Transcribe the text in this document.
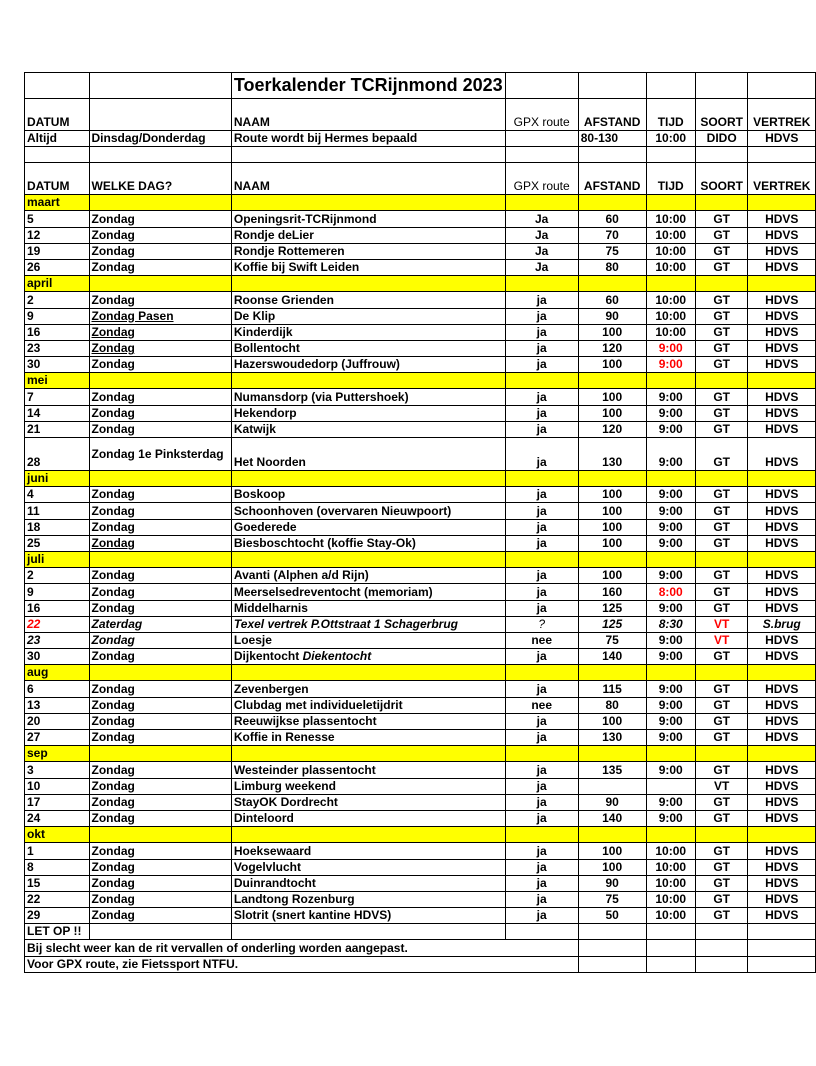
		Toerkalender TCRijnmond 2023					
DATUM		NAAM	GPX route	AFSTAND	TIJD	SOORT	VERTREK
Altijd	Dinsdag/Donderdag	Route wordt bij Hermes bepaald		80-130	10:00	DIDO	HDVS

DATUM	WELKE DAG?	NAAM	GPX route	AFSTAND	TIJD	SOORT	VERTREK
maart							
5	Zondag	Openingsrit-TCRijnmond	Ja	60	10:00	GT	HDVS
12	Zondag	Rondje deLier	Ja	70	10:00	GT	HDVS
19	Zondag	Rondje Rottemeren	Ja	75	10:00	GT	HDVS
26	Zondag	Koffie bij Swift Leiden	Ja	80	10:00	GT	HDVS
april							
2	Zondag	Roonse Grienden	ja	60	10:00	GT	HDVS
9	Zondag Pasen	De Klip	ja	90	10:00	GT	HDVS
16	Zondag	Kinderdijk	ja	100	10:00	GT	HDVS
23	Zondag	Bollentocht	ja	120	9:00	GT	HDVS
30	Zondag	Hazerswoudedorp (Juffrouw)	ja	100	9:00	GT	HDVS
mei							
7	Zondag	Numansdorp (via Puttershoek)	ja	100	9:00	GT	HDVS
14	Zondag	Hekendorp	ja	100	9:00	GT	HDVS
21	Zondag	Katwijk	ja	120	9:00	GT	HDVS
28	Zondag 1e Pinksterdag	Het Noorden	ja	130	9:00	GT	HDVS
juni							
4	Zondag	Boskoop	ja	100	9:00	GT	HDVS
11	Zondag	Schoonhoven (overvaren Nieuwpoort)	ja	100	9:00	GT	HDVS
18	Zondag	Goederede	ja	100	9:00	GT	HDVS
25	Zondag	Biesboschtocht (koffie Stay-Ok)	ja	100	9:00	GT	HDVS
juli							
2	Zondag	Avanti (Alphen a/d Rijn)	ja	100	9:00	GT	HDVS
9	Zondag	Meerselsedreventocht (memoriam)	ja	160	8:00	GT	HDVS
16	Zondag	Middelharnis	ja	125	9:00	GT	HDVS
22	Zaterdag	Texel vertrek P.Ottstraat 1 Schagerbrug	?	125	8:30	VT	S.brug
23	Zondag	Loesje	nee	75	9:00	VT	HDVS
30	Zondag	Dijkentocht Diekentocht	ja	140	9:00	GT	HDVS
aug							
6	Zondag	Zevenbergen	ja	115	9:00	GT	HDVS
13	Zondag	Clubdag met individueletijdrit	nee	80	9:00	GT	HDVS
20	Zondag	Reeuwijkse plassentocht	ja	100	9:00	GT	HDVS
27	Zondag	Koffie in Renesse	ja	130	9:00	GT	HDVS
sep							
3	Zondag	Westeinder plassentocht	ja	135	9:00	GT	HDVS
10	Zondag	Limburg weekend	ja			VT	HDVS
17	Zondag	StayOK Dordrecht	ja	90	9:00	GT	HDVS
24	Zondag	Dinteloord	ja	140	9:00	GT	HDVS
okt							
1	Zondag	Hoeksewaard	ja	100	10:00	GT	HDVS
8	Zondag	Vogelvlucht	ja	100	10:00	GT	HDVS
15	Zondag	Duinrandtocht	ja	90	10:00	GT	HDVS
22	Zondag	Landtong Rozenburg	ja	75	10:00	GT	HDVS
29	Zondag	Slotrit (snert kantine HDVS)	ja	50	10:00	GT	HDVS
LET OP !!							
Bij slecht weer kan de rit vervallen of onderling worden aangepast.							
Voor GPX route, zie Fietssport NTFU.							
